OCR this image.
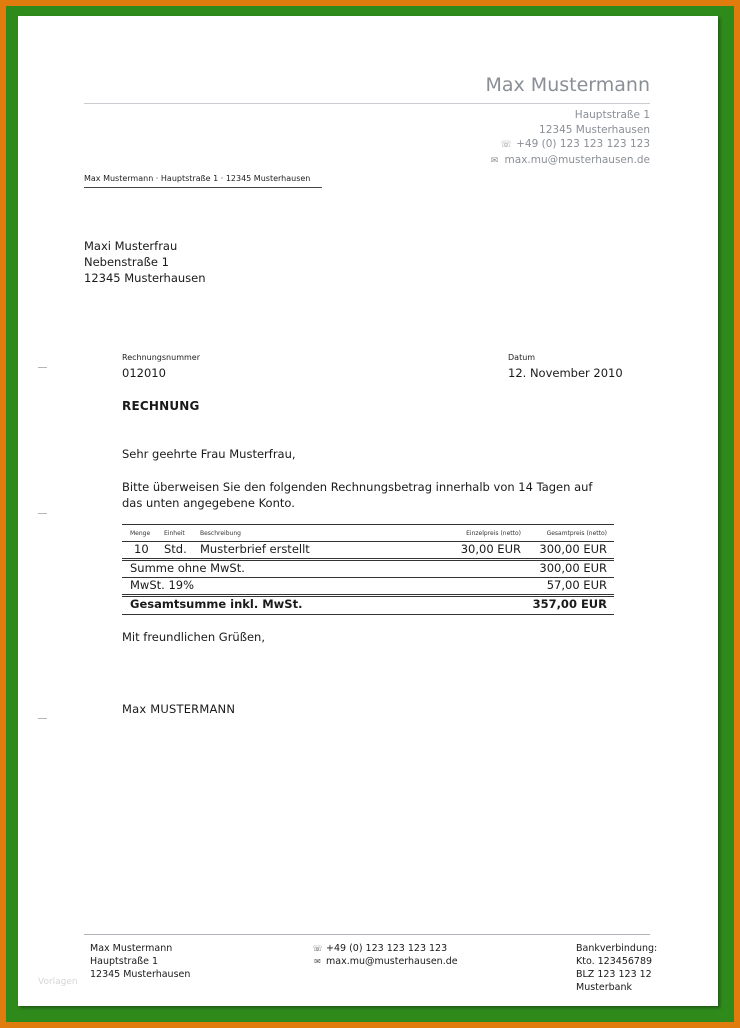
Max Mustermann
Hauptstraße 1
12345 Musterhausen
☏ +49 (0) 123 123 123 123
✉ max.mu@musterhausen.de
Max Mustermann · Hauptstraße 1 · 12345 Musterhausen
Maxi Musterfrau
Nebenstraße 1
12345 Musterhausen
Rechnungsnummer
012010
Datum
12. November 2010
RECHNUNG
Sehr geehrte Frau Musterfrau,
Bitte überweisen Sie den folgenden Rechnungsbetrag innerhalb von 14 Tagen auf das unten angegebene Konto.
Menge Einheit	Beschreibung	Einzelpreis (netto)	Gesamtpreis (netto)
10 Std. Musterbrief erstellt	30,00 EUR 300,00 EUR
Summe ohne MwSt.	300,00 EUR
MwSt. 19%	57,00 EUR
Gesamtsumme inkl. MwSt.	357,00 EUR
Mit freundlichen Grüßen,
Max MUSTERMANN
Max Mustermann
Hauptstraße 1
12345 Musterhausen
☏ +49 (0) 123 123 123 123
✉ max.mu@musterhausen.de
Bankverbindung:
Kto. 123456789
BLZ 123 123 12
Musterbank
Vorlagen
